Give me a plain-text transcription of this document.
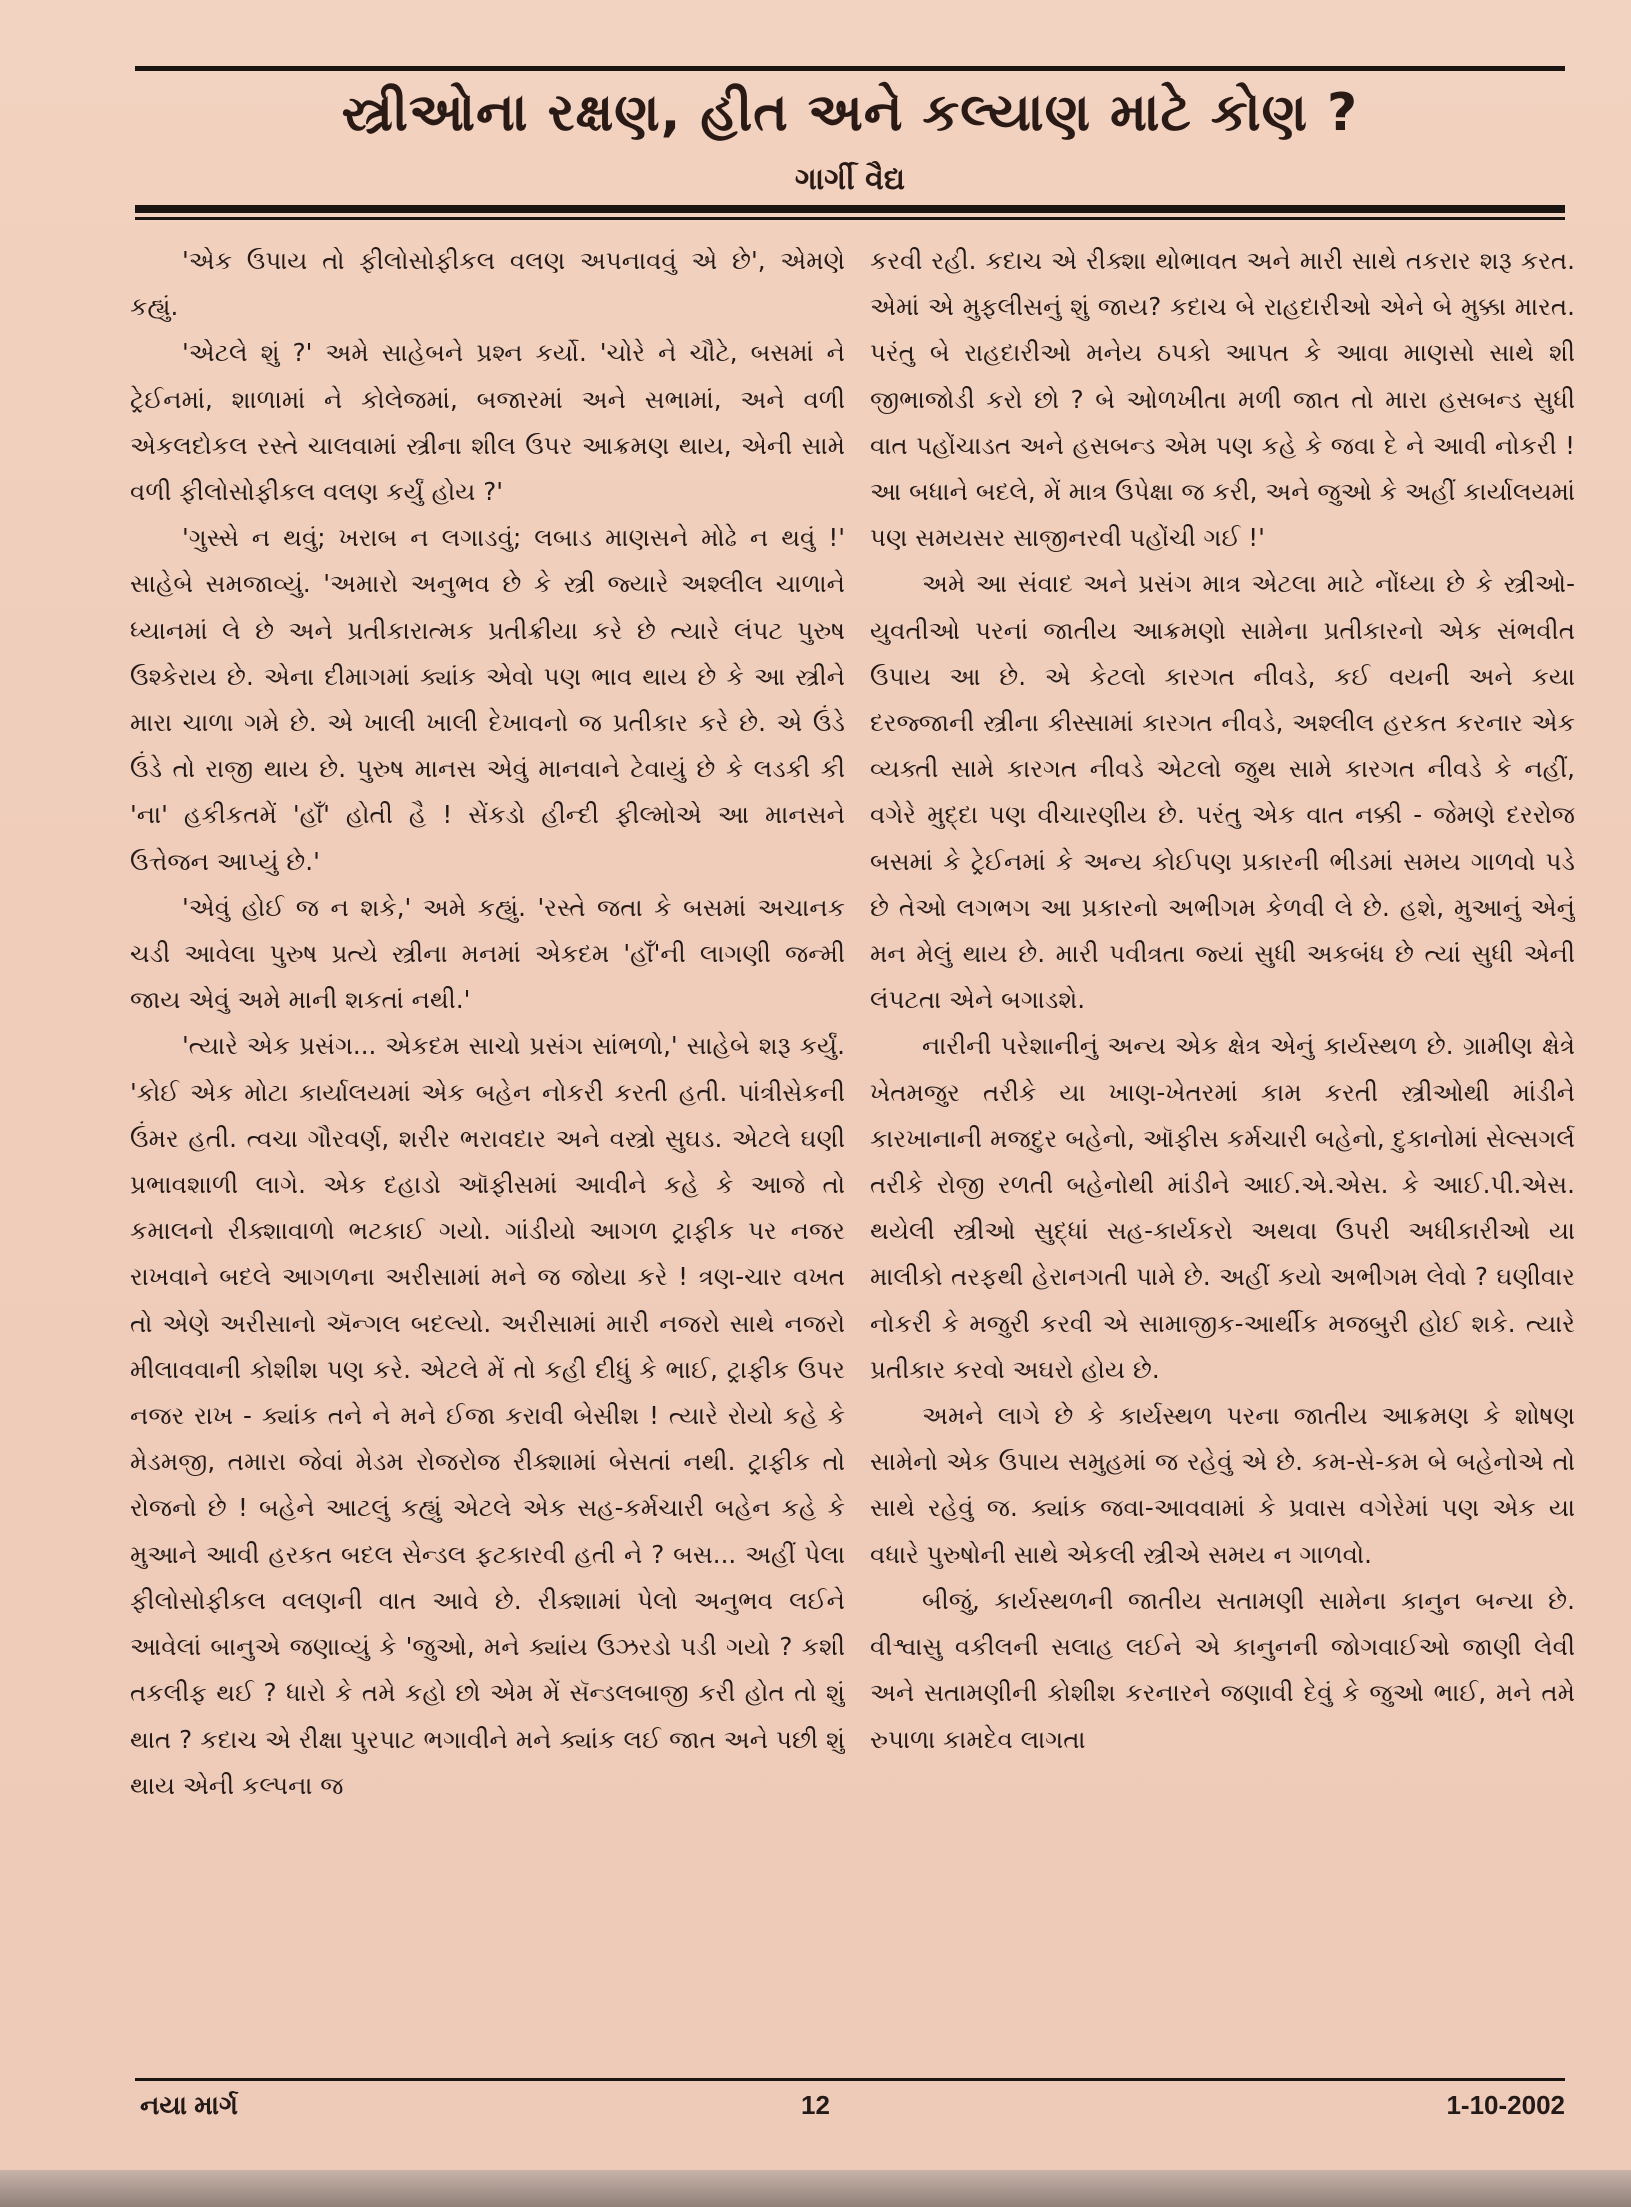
સ્ત્રીઓના રક્ષણ, હીત અને કલ્યાણ માટે કોણ ?
ગાર્ગી વૈદ્ય

'એક ઉપાય તો ફીલોસોફીકલ વલણ અપનાવવું એ છે', એમણે કહ્યું.

'એટલે શું ?' અમે સાહેબને પ્રશ્ન કર્યો. 'ચોરે ને ચૌટે, બસમાં ને ટ્રેઈનમાં, શાળામાં ને કોલેજમાં, બજારમાં અને સભામાં, અને વળી એકલદોકલ રસ્તે ચાલવામાં સ્ત્રીના શીલ ઉપર આક્રમણ થાય, એની સામે વળી ફીલોસોફીકલ વલણ કર્યું હોય ?'

'ગુસ્સે ન થવું; ખરાબ ન લગાડવું; લબાડ માણસને મોઢે ન થવું !' સાહેબે સમજાવ્યું. 'અમારો અનુભવ છે કે સ્ત્રી જ્યારે અશ્લીલ ચાળાને ધ્યાનમાં લે છે અને પ્રતીકારાત્મક પ્રતીક્રીયા કરે છે ત્યારે લંપટ પુરુષ ઉશ્કેરાય છે. એના દીમાગમાં ક્યાંક એવો પણ ભાવ થાય છે કે આ સ્ત્રીને મારા ચાળા ગમે છે. એ ખાલી ખાલી દેખાવનો જ પ્રતીકાર કરે છે. એ ઉંડે ઉંડે તો રાજી થાય છે. પુરુષ માનસ એવું માનવાને ટેવાયું છે કે લડકી કી 'ના' હકીકતમેં 'હાઁ' હોતી હૈ ! સેંકડો હીન્દી ફીલ્મોએ આ માનસને ઉત્તેજન આપ્યું છે.'

'એવું હોઈ જ ન શકે,' અમે કહ્યું. 'રસ્તે જતા કે બસમાં અચાનક ચડી આવેલા પુરુષ પ્રત્યે સ્ત્રીના મનમાં એકદમ 'હાઁ'ની લાગણી જન્મી જાય એવું અમે માની શકતાં નથી.'

'ત્યારે એક પ્રસંગ... એકદમ સાચો પ્રસંગ સાંભળો,' સાહેબે શરૂ કર્યું. 'કોઈ એક મોટા કાર્યાલયમાં એક બહેન નોકરી કરતી હતી. પાંત્રીસેકની ઉંમર હતી. ત્વચા ગૌરવર્ણ, શરીર ભરાવદાર અને વસ્ત્રો સુઘડ. એટલે ઘણી પ્રભાવશાળી લાગે. એક દહાડો ઑફીસમાં આવીને કહે કે આજે તો કમાલનો રીક્શાવાળો ભટકાઈ ગયો. ગાંડીયો આગળ ટ્રાફીક પર નજર રાખવાને બદલે આગળના અરીસામાં મને જ જોયા કરે ! ત્રણ-ચાર વખત તો એણે અરીસાનો ઍન્ગલ બદલ્યો. અરીસામાં મારી નજરો સાથે નજરો મીલાવવાની કોશીશ પણ કરે. એટલે મેં તો કહી દીધું કે ભાઈ, ટ્રાફીક ઉપર નજર રાખ - ક્યાંક તને ને મને ઈજા કરાવી બેસીશ ! ત્યારે રોયો કહે કે મેડમજી, તમારા જેવાં મેડમ રોજરોજ રીક્શામાં બેસતાં નથી. ટ્રાફીક તો રોજનો છે ! બહેને આટલું કહ્યું એટલે એક સહ-કર્મચારી બહેન કહે કે મુઆને આવી હરકત બદલ સેન્ડલ ફટકારવી હતી ને ? બસ... અહીં પેલા ફીલોસોફીકલ વલણની વાત આવે છે. રીક્શામાં પેલો અનુભવ લઈને આવેલાં બાનુએ જણાવ્યું કે 'જુઓ, મને ક્યાંય ઉઝરડો પડી ગયો ? કશી તકલીફ થઈ ? ધારો કે તમે કહો છો એમ મેં સૅન્ડલબાજી કરી હોત તો શું થાત ? કદાચ એ રીક્ષા પુરપાટ ભગાવીને મને ક્યાંક લઈ જાત અને પછી શું થાય એની કલ્પના જ

કરવી રહી. કદાચ એ રીક્શા થોભાવત અને મારી સાથે તકરાર શરૂ કરત. એમાં એ મુફલીસનું શું જાય? કદાચ બે રાહદારીઓ એને બે મુક્કા મારત. પરંતુ બે રાહદારીઓ મનેય ઠપકો આપત કે આવા માણસો સાથે શી જીભાજોડી કરો છો ? બે ઓળખીતા મળી જાત તો મારા હસબન્ડ સુધી વાત પહોંચાડત અને હસબન્ડ એમ પણ કહે કે જવા દે ને આવી નોકરી ! આ બધાને બદલે, મેં માત્ર ઉપેક્ષા જ કરી, અને જુઓ કે અહીં કાર્યાલયમાં પણ સમયસર સાજીનરવી પહોંચી ગઈ !'

અમે આ સંવાદ અને પ્રસંગ માત્ર એટલા માટે નોંધ્યા છે કે સ્ત્રીઓ-યુવતીઓ પરનાં જાતીય આક્રમણો સામેના પ્રતીકારનો એક સંભવીત ઉપાય આ છે. એ કેટલો કારગત નીવડે, કઈ વયની અને કયા દરજ્જાની સ્ત્રીના કીસ્સામાં કારગત નીવડે, અશ્લીલ હરકત કરનાર એક વ્યક્તી સામે કારગત નીવડે એટલો જુથ સામે કારગત નીવડે કે નહીં, વગેરે મુદ્દા પણ વીચારણીય છે. પરંતુ એક વાત નક્કી - જેમણે દરરોજ બસમાં કે ટ્રેઈનમાં કે અન્ય કોઈપણ પ્રકારની ભીડમાં સમય ગાળવો પડે છે તેઓ લગભગ આ પ્રકારનો અભીગમ કેળવી લે છે. હશે, મુઆનું એનું મન મેલું થાય છે. મારી પવીત્રતા જ્યાં સુધી અકબંધ છે ત્યાં સુધી એની લંપટતા એને બગાડશે.

નારીની પરેશાનીનું અન્ય એક ક્ષેત્ર એનું કાર્યસ્થળ છે. ગ્રામીણ ક્ષેત્રે ખેતમજુર તરીકે યા ખાણ-ખેતરમાં કામ કરતી સ્ત્રીઓથી માંડીને કારખાનાની મજદુર બહેનો, ઑફીસ કર્મચારી બહેનો, દુકાનોમાં સેલ્સગર્લ તરીકે રોજી રળતી બહેનોથી માંડીને આઈ.એ.એસ. કે આઈ.પી.એસ. થયેલી સ્ત્રીઓ સુદ્ધાં સહ-કાર્યકરો અથવા ઉપરી અધીકારીઓ યા માલીકો તરફથી હેરાનગતી પામે છે. અહીં કયો અભીગમ લેવો ? ઘણીવાર નોકરી કે મજુરી કરવી એ સામાજીક-આર્થીક મજબુરી હોઈ શકે. ત્યારે પ્રતીકાર કરવો અઘરો હોય છે.

અમને લાગે છે કે કાર્યસ્થળ પરના જાતીય આક્રમણ કે શોષણ સામેનો એક ઉપાય સમુહમાં જ રહેવું એ છે. કમ-સે-કમ બે બહેનોએ તો સાથે રહેવું જ. ક્યાંક જવા-આવવામાં કે પ્રવાસ વગેરેમાં પણ એક યા વધારે પુરુષોની સાથે એકલી સ્ત્રીએ સમય ન ગાળવો.

બીજું, કાર્યસ્થળની જાતીય સતામણી સામેના કાનુન બન્યા છે. વીશ્વાસુ વકીલની સલાહ લઈને એ કાનુનની જોગવાઈઓ જાણી લેવી અને સતામણીની કોશીશ કરનારને જણાવી દેવું કે જુઓ ભાઈ, મને તમે રુપાળા કામદેવ લાગતા

નયા માર્ગ	12	1-10-2002
